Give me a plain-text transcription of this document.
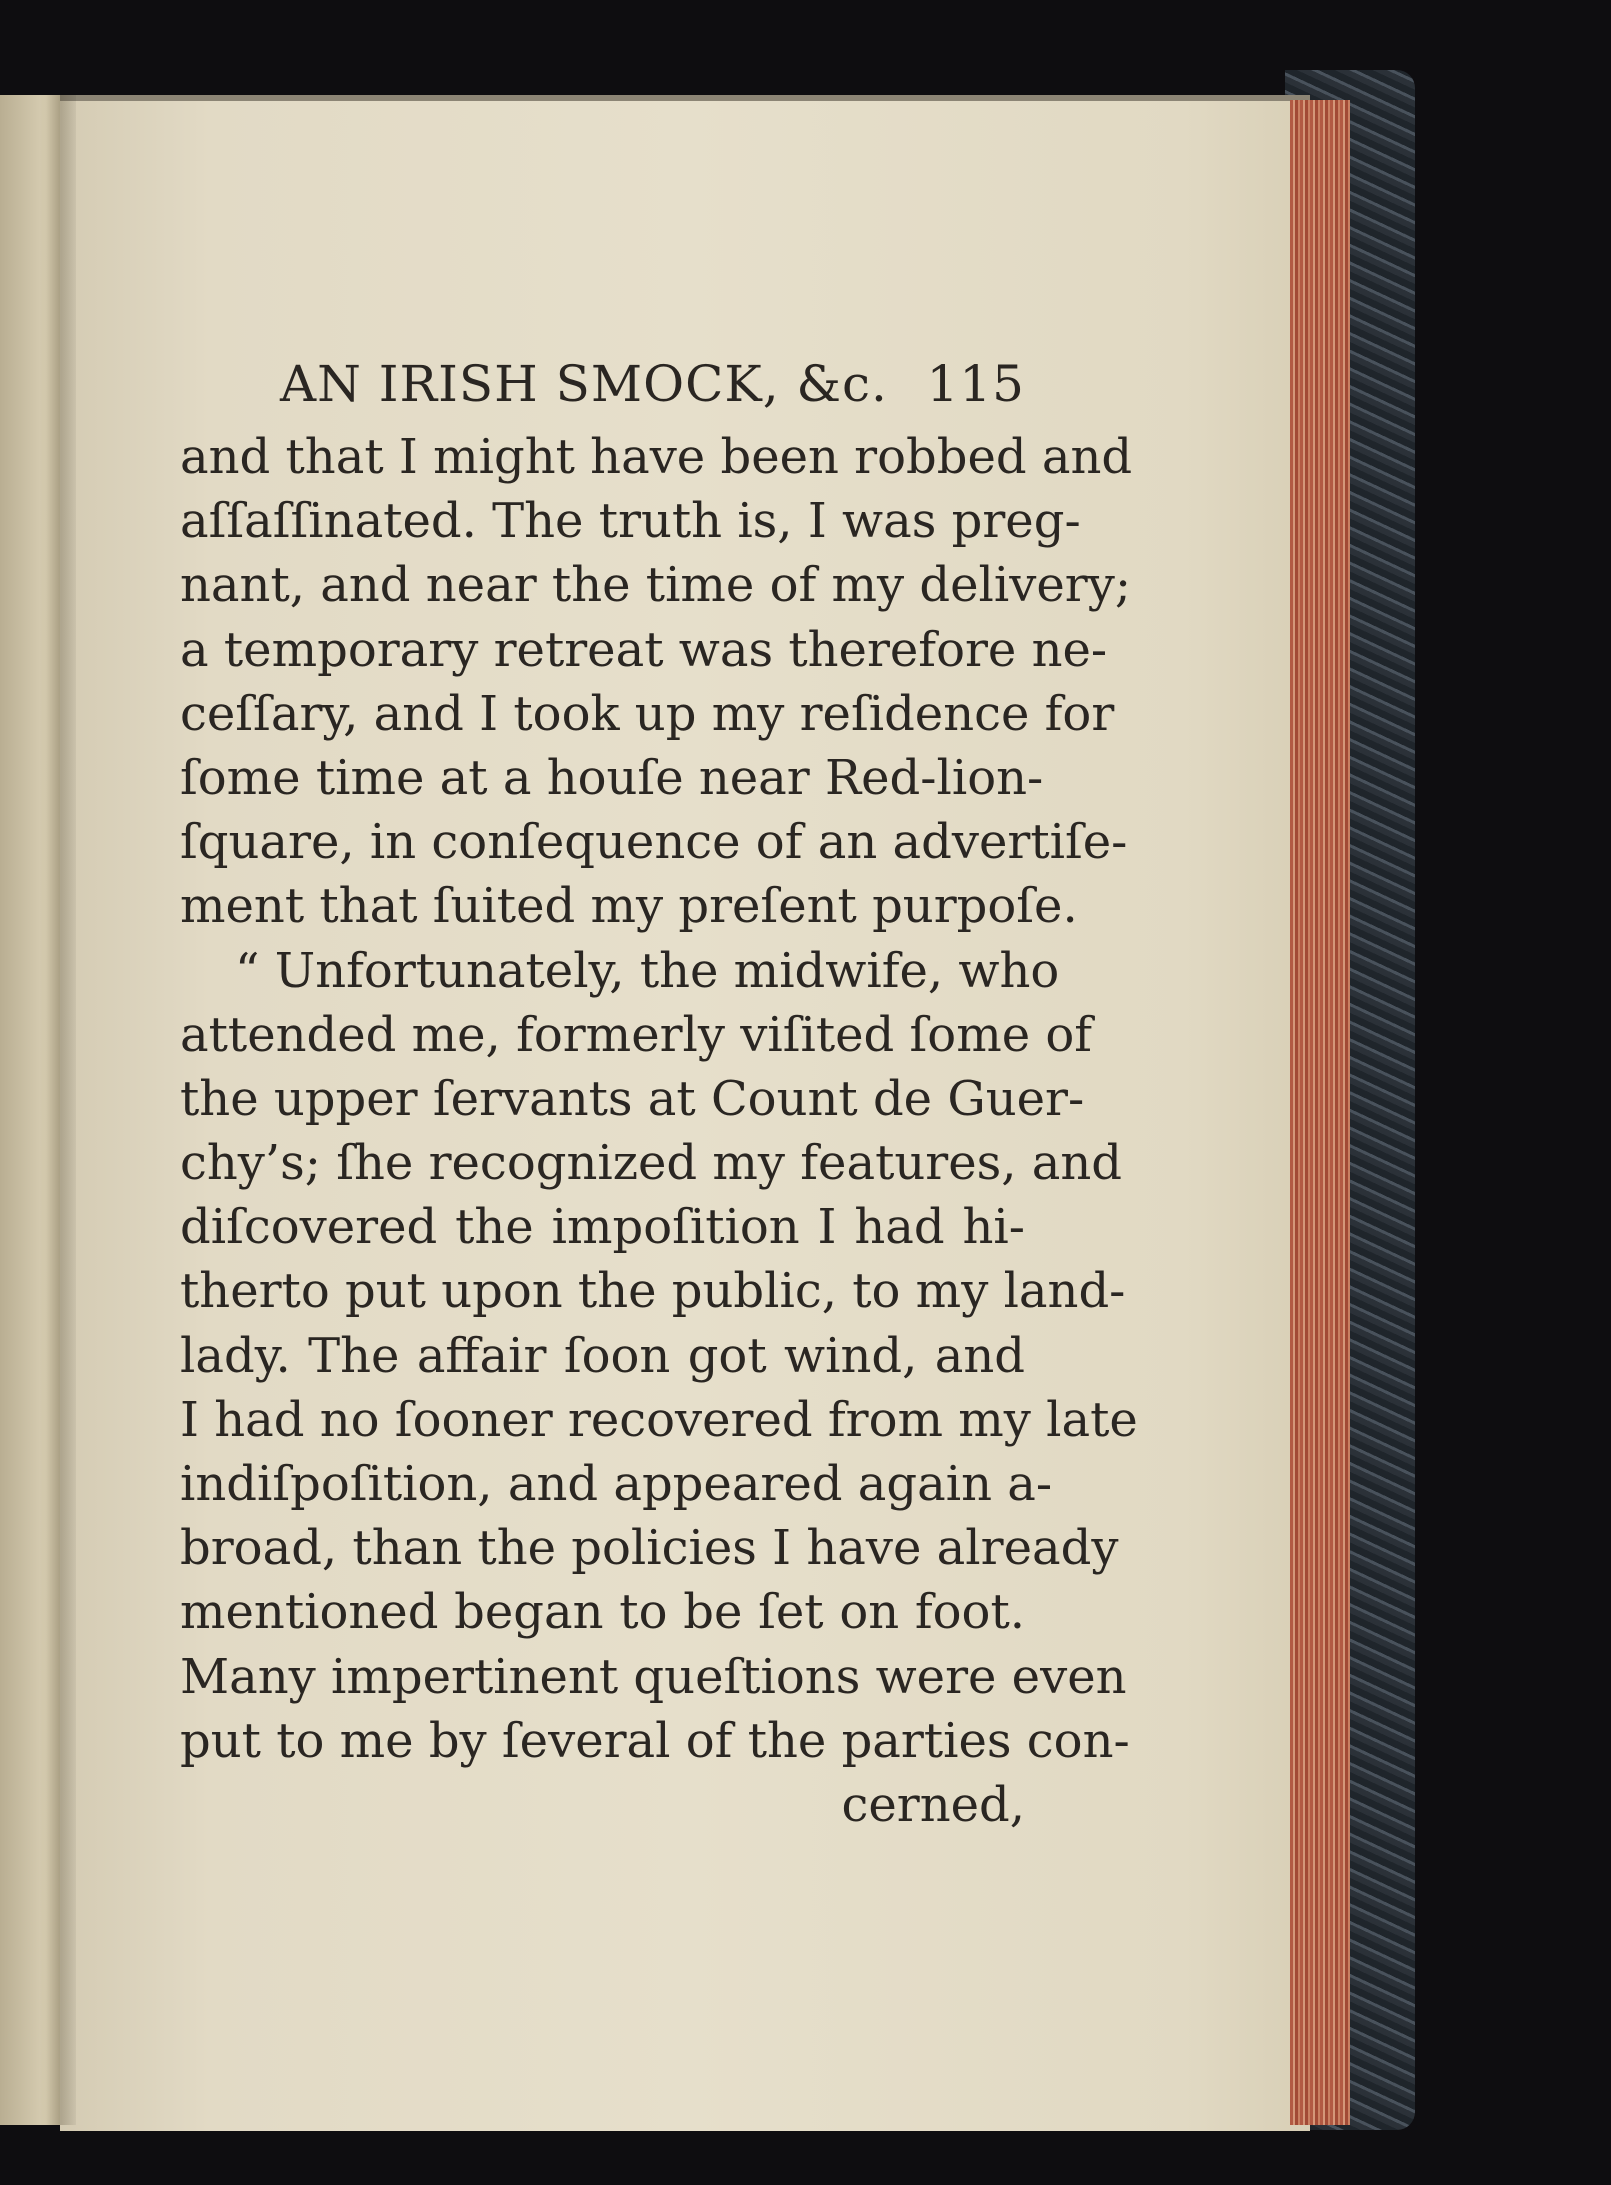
AN IRISH SMOCK, &c. 115
and that I might have been robbed and
aſſaſſinated. The truth is, I was preg-
nant, and near the time of my delivery;
a temporary retreat was therefore ne-
ceſſary, and I took up my reſidence for
ſome time at a houſe near Red-lion-
ſquare, in conſequence of an advertiſe-
ment that ſuited my preſent purpoſe.
“ Unfortunately, the midwife, who
attended me, formerly viſited ſome of
the upper ſervants at Count de Guer-
chy’s; ſhe recognized my features, and
diſcovered the impoſition I had hi-
therto put upon the public, to my land-
lady. The affair ſoon got wind, and
I had no ſooner recovered from my late
indiſpoſition, and appeared again a-
broad, than the policies I have already
mentioned began to be ſet on foot.
Many impertinent queſtions were even
put to me by ſeveral of the parties con-
cerned,
